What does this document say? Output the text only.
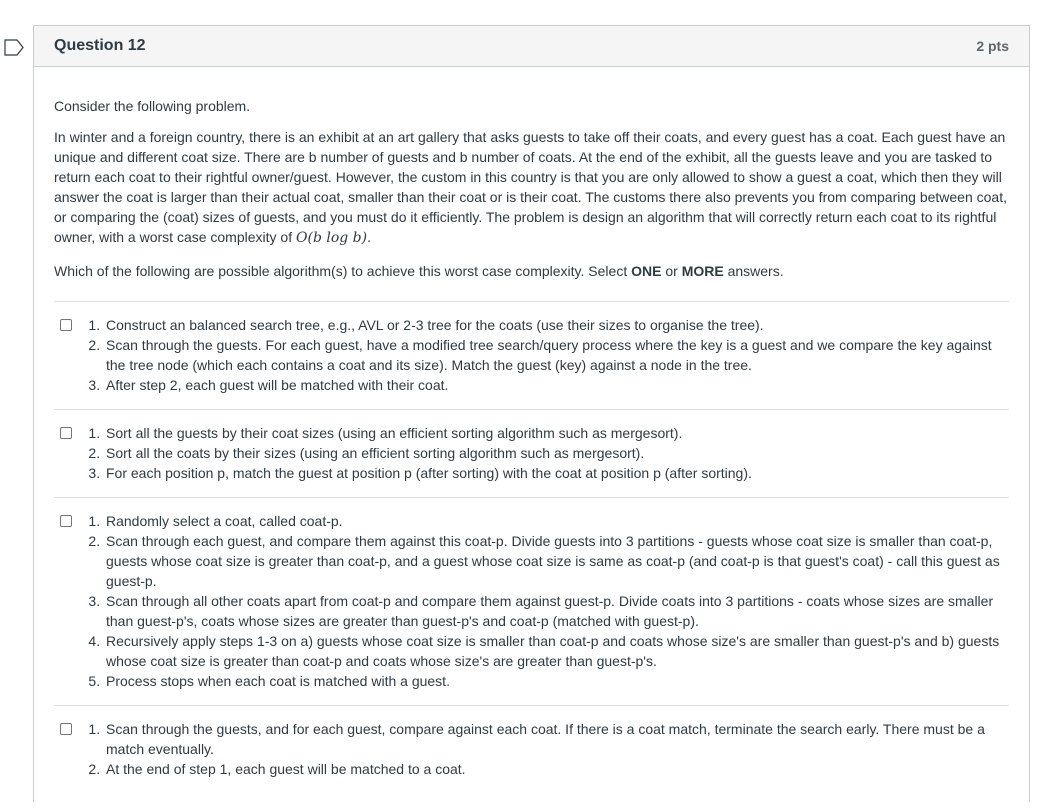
Question 12	2 pts

Consider the following problem.

In winter and a foreign country, there is an exhibit at an art gallery that asks guests to take off their coats, and every guest has a coat. Each guest have an unique and different coat size. There are b number of guests and b number of coats. At the end of the exhibit, all the guests leave and you are tasked to return each coat to their rightful owner/guest. However, the custom in this country is that you are only allowed to show a guest a coat, which then they will answer the coat is larger than their actual coat, smaller than their coat or is their coat. The customs there also prevents you from comparing between coat, or comparing the (coat) sizes of guests, and you must do it efficiently. The problem is design an algorithm that will correctly return each coat to its rightful owner, with a worst case complexity of O(b log b).

Which of the following are possible algorithm(s) to achieve this worst case complexity. Select ONE or MORE answers.

1. Construct an balanced search tree, e.g., AVL or 2-3 tree for the coats (use their sizes to organise the tree).
2. Scan through the guests. For each guest, have a modified tree search/query process where the key is a guest and we compare the key against the tree node (which each contains a coat and its size). Match the guest (key) against a node in the tree.
3. After step 2, each guest will be matched with their coat.
1. Sort all the guests by their coat sizes (using an efficient sorting algorithm such as mergesort).
2. Sort all the coats by their sizes (using an efficient sorting algorithm such as mergesort).
3. For each position p, match the guest at position p (after sorting) with the coat at position p (after sorting).
1. Randomly select a coat, called coat-p.
2. Scan through each guest, and compare them against this coat-p. Divide guests into 3 partitions - guests whose coat size is smaller than coat-p, guests whose coat size is greater than coat-p, and a guest whose coat size is same as coat-p (and coat-p is that guest's coat) - call this guest as guest-p.
3. Scan through all other coats apart from coat-p and compare them against guest-p. Divide coats into 3 partitions - coats whose sizes are smaller than guest-p's, coats whose sizes are greater than guest-p's and coat-p (matched with guest-p).
4. Recursively apply steps 1-3 on a) guests whose coat size is smaller than coat-p and coats whose size's are smaller than guest-p's and b) guests whose coat size is greater than coat-p and coats whose size's are greater than guest-p's.
5. Process stops when each coat is matched with a guest.
1. Scan through the guests, and for each guest, compare against each coat. If there is a coat match, terminate the search early. There must be a match eventually.
2. At the end of step 1, each guest will be matched to a coat.
